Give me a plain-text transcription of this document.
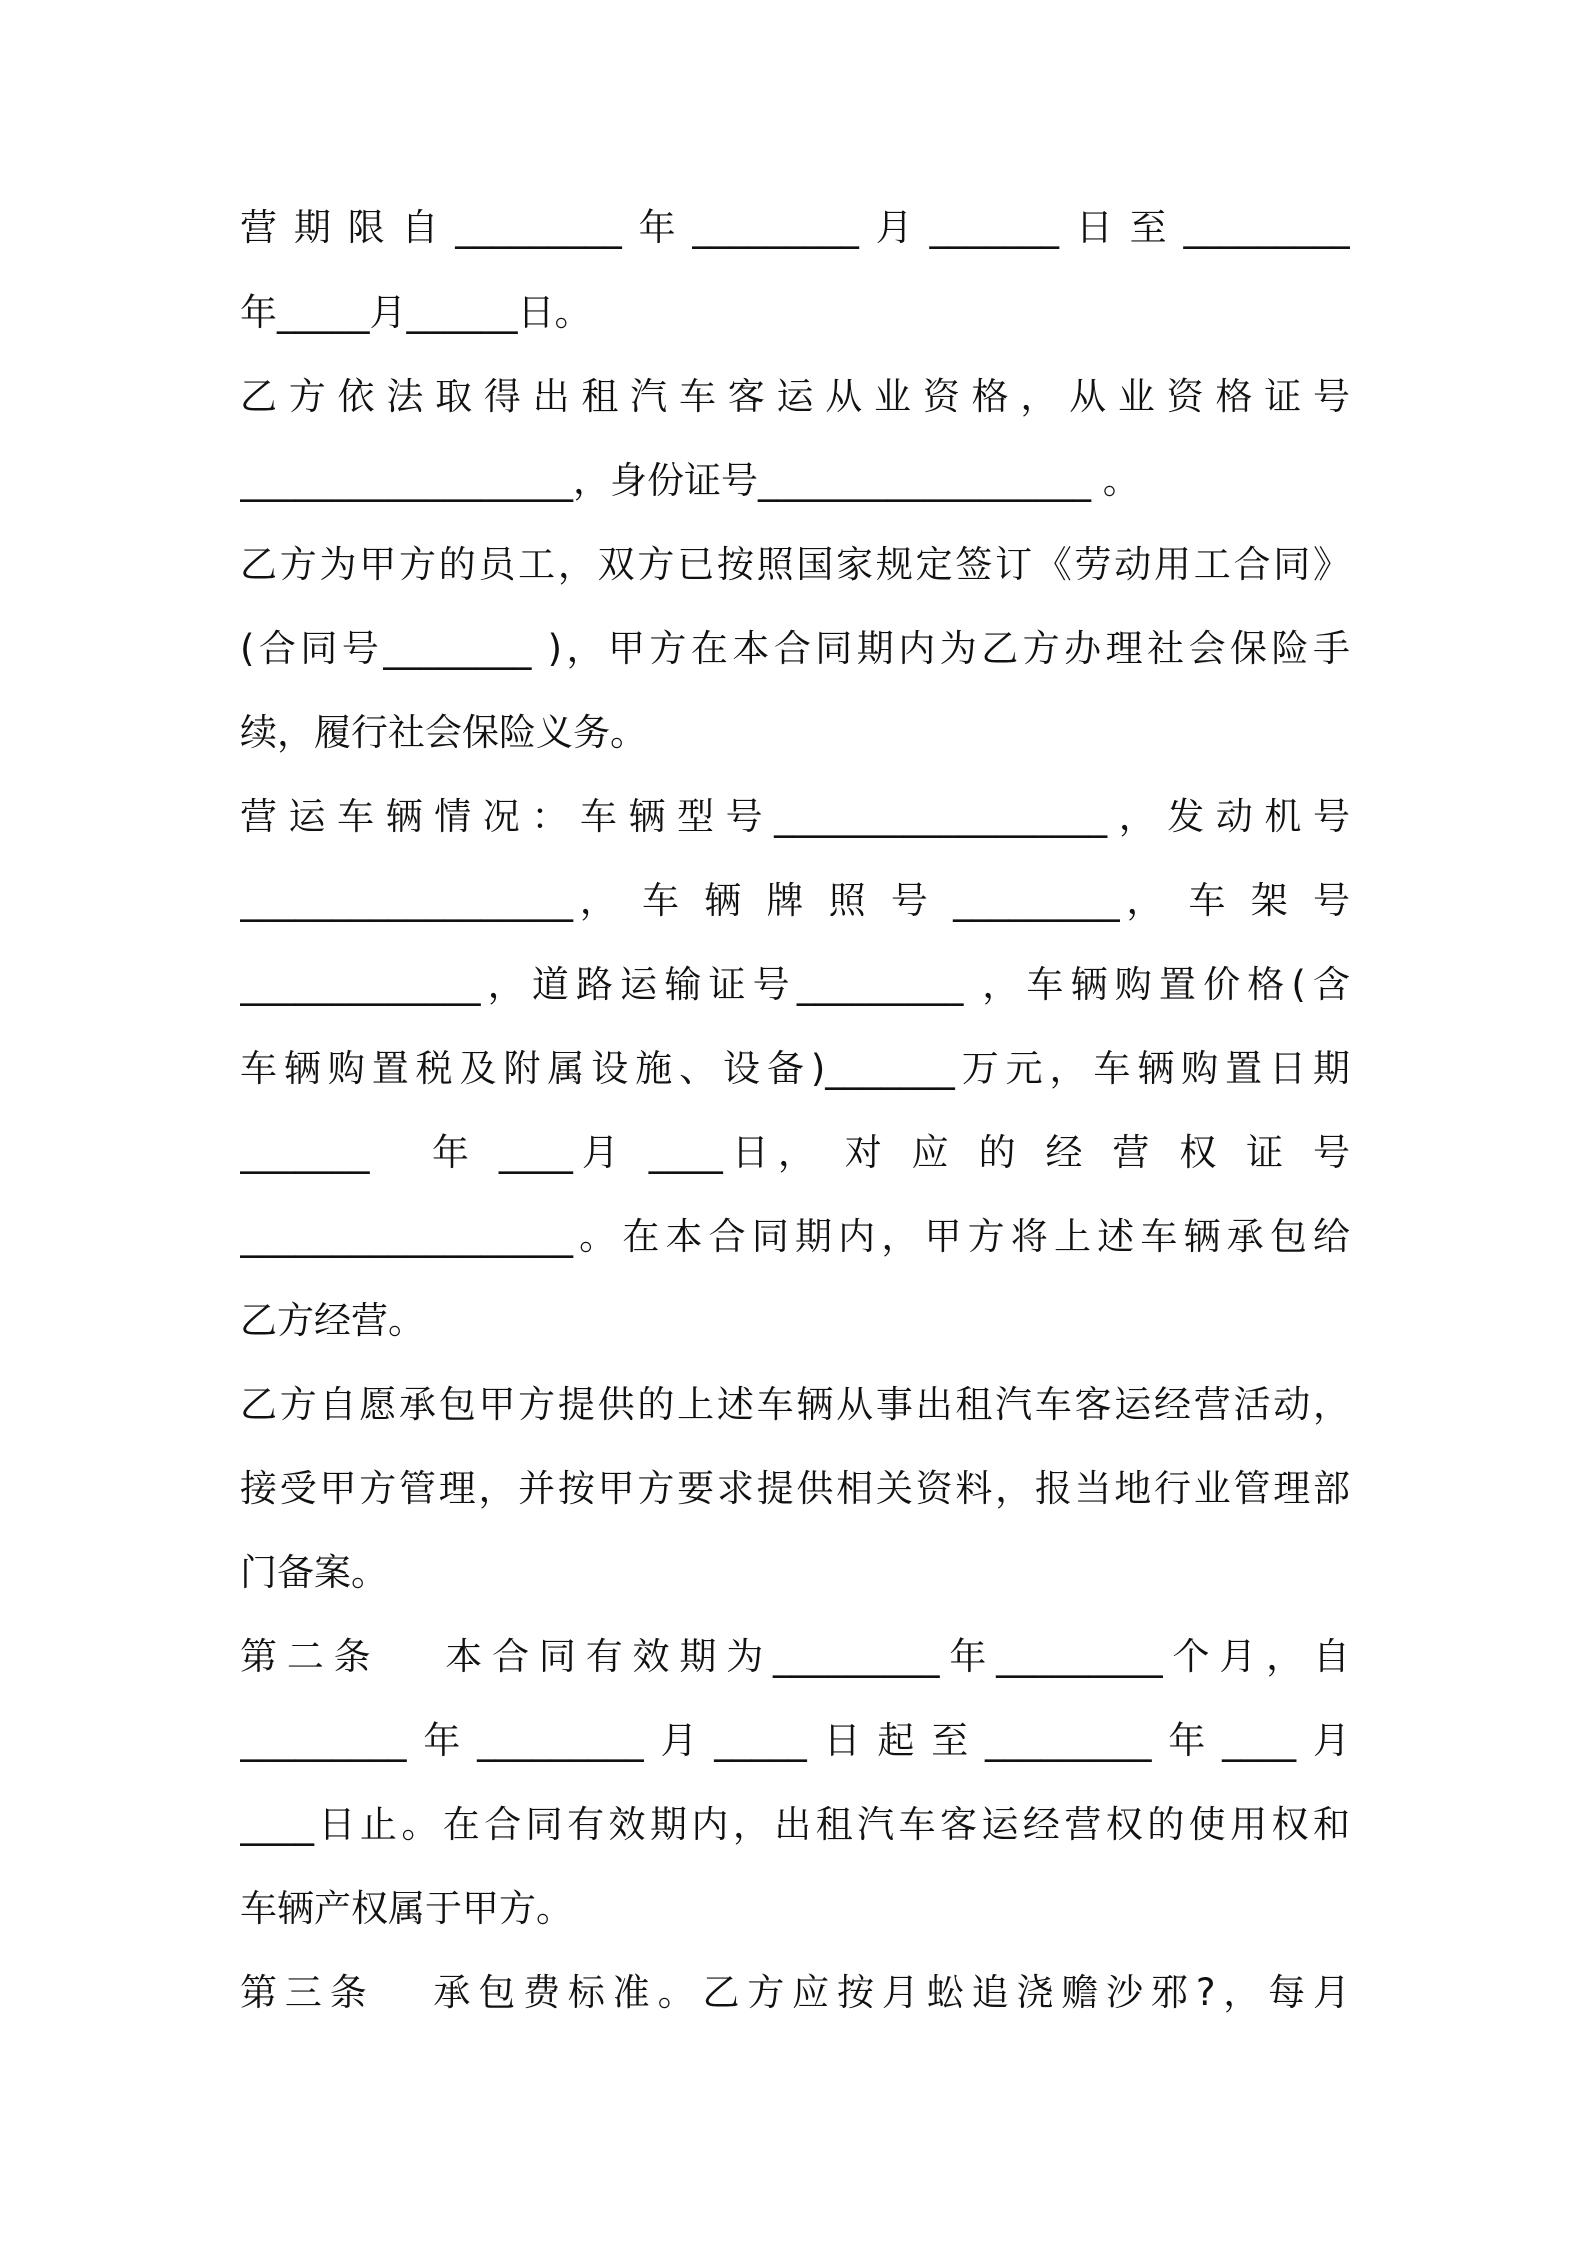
营期限自_________年_________月_______日至_________
年_____月______日。
乙方依法取得出租汽车客运从业资格，从业资格证号
__________________，身份证号__________________ 。
乙方为甲方的员工，双方已按照国家规定签订《劳动用工合同》
(合同号________ )，甲方在本合同期内为乙方办理社会保险手
续，履行社会保险义务。
营运车辆情况：车辆型号__________________，发动机号
__________________， 车 辆 牌 照 号 _________， 车 架 号
_____________，道路运输证号_________ ，车辆购置价格(含
车辆购置税及附属设施、设备)_______万元，车辆购置日期
_______   年 ____月 ____日， 对 应 的 经 营 权 证 号
__________________。在本合同期内，甲方将上述车辆承包给
乙方经营。
乙方自愿承包甲方提供的上述车辆从事出租汽车客运经营活动，
接受甲方管理，并按甲方要求提供相关资料，报当地行业管理部
门备案。
第二条   本合同有效期为_________年_________个月，自
_________年_________月_____日起至_________年____月
____日止。在合同有效期内，出租汽车客运经营权的使用权和
车辆产权属于甲方。
第三条   承包费标准。乙方应按月蚣追浇赡沙邪?，每月
